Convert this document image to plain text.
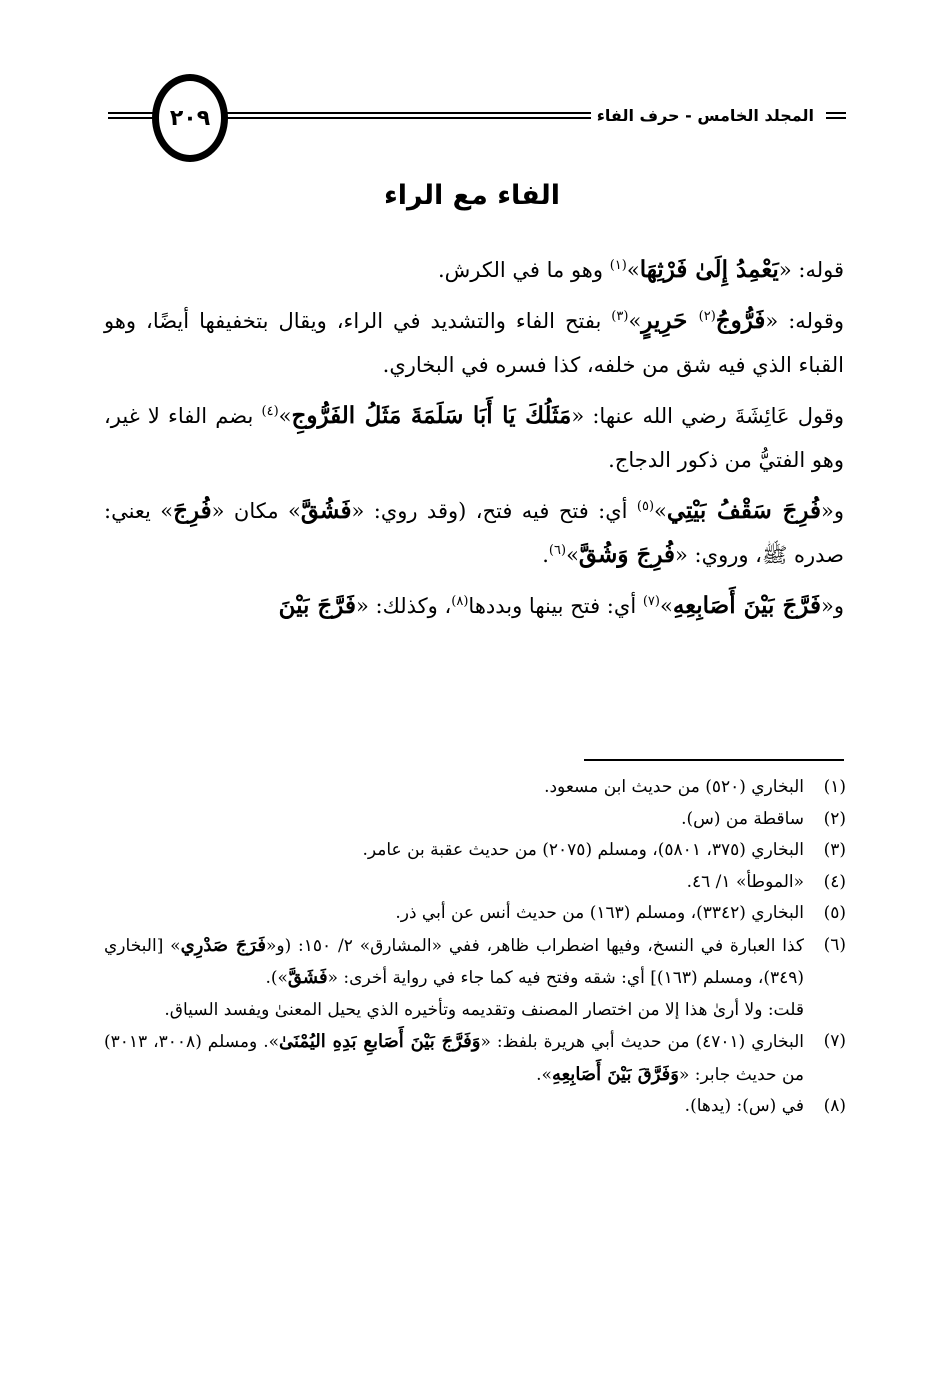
٢٠٩	المجلد الخامس - حرف الفاء
الفاء مع الراء

قوله: «يَعْمِدُ إِلَىٰ فَرْثِهَا»$^{(١)}$ وهو ما في الكرش.

وقوله: «فَرُّوجُ$^{(٢)}$ حَرِيرٍ»$^{(٣)}$ بفتح الفاء والتشديد في الراء، ويقال بتخفيفها أيضًا، وهو القباء الذي فيه شق من خلفه، كذا فسره في البخاري.

وقول عَائِشَةَ رضي الله عنها: «مَثَلُكَ يَا أَبَا سَلَمَةَ مَثَلُ الفَرُّوجِ»$^{(٤)}$ بضم الفاء لا غير، وهو الفتيُّ من ذكور الدجاج.

و«فُرِجَ سَقْفُ بَيْتِي»$^{(٥)}$ أي: فتح فيه فتح، (وقد روي: «فَشُقَّ» مكان «فُرِجَ» يعني: صدره ﷺ، وروي: «فُرِجَ وَشُقَّ»$^{(٦)}$.

و«فَرَّجَ بَيْنَ أَصَابِعِهِ»$^{(٧)}$ أي: فتح بينها وبددها$^{(٨)}$، وكذلك: «فَرَّجَ بَيْنَ

(١)
البخاري (٥٢٠) من حديث ابن مسعود.
(٢)
ساقطة من (س).
(٣)
البخاري (٣٧٥، ٥٨٠١)، ومسلم (٢٠٧٥) من حديث عقبة بن عامر.
(٤)
«الموطأ» ١/ ٤٦.
(٥)
البخاري (٣٣٤٢)، ومسلم (١٦٣) من حديث أنس عن أبي ذر.
(٦)
كذا العبارة في النسخ، وفيها اضطراب ظاهر، ففي «المشارق» ٢/ ١٥٠: (و«فَرَجَ صَدْرِي» [البخاري (٣٤٩)، ومسلم (١٦٣)] أي: شقه وفتح فيه كما جاء في رواية أخرى: «فَشَقَّ»).
قلت: ولا أرىٰ هذا إلا من اختصار المصنف وتقديمه وتأخيره الذي يحيل المعنىٰ ويفسد السياق.
(٧)
البخاري (٤٧٠١) من حديث أبي هريرة بلفظ: «وَفَرَّجَ بَيْنَ أَصَابعِ بَدِهِ اليُمْنَىٰ». ومسلم (٣٠٠٨، ٣٠١٣) من حديث جابر: «وَفَرَّقَ بَيْنَ أَصَابِعِهِ».
(٨)
في (س): (يدها).
